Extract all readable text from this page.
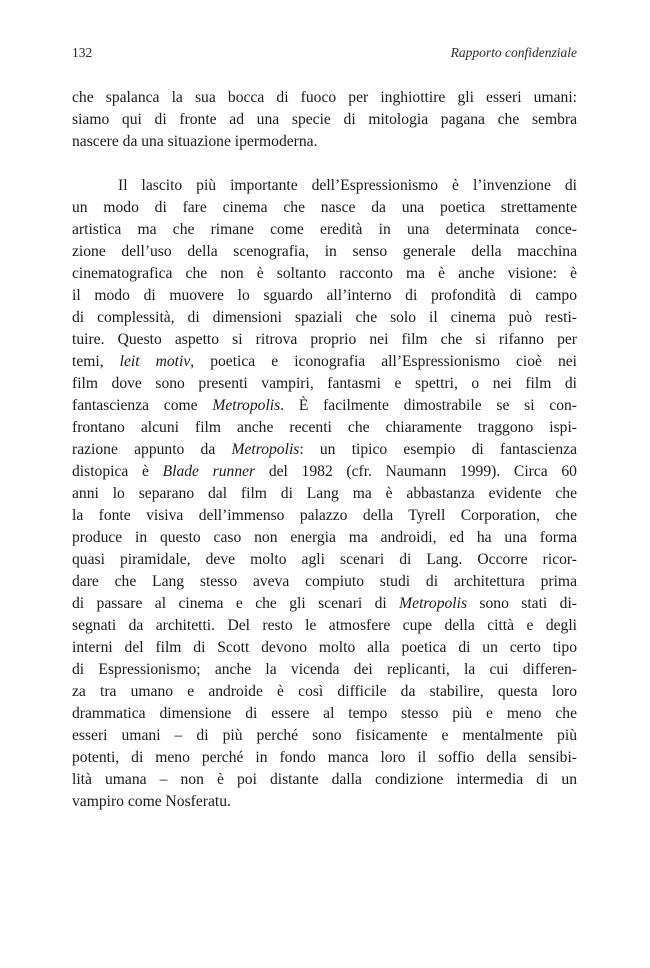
132	Rapporto confidenziale
che spalanca la sua bocca di fuoco per inghiottire gli esseri umani:
siamo qui di fronte ad una specie di mitologia pagana che sembra
nascere da una situazione ipermoderna.
Il lascito più importante dell’Espressionismo è l’invenzione di
un modo di fare cinema che nasce da una poetica strettamente
artistica ma che rimane come eredità in una determinata conce-
zione dell’uso della scenografia, in senso generale della macchina
cinematografica che non è soltanto racconto ma è anche visione: è
il modo di muovere lo sguardo all’interno di profondità di campo
di complessità, di dimensioni spaziali che solo il cinema può resti-
tuire. Questo aspetto si ritrova proprio nei film che si rifanno per
temi, leit motiv, poetica e iconografia all’Espressionismo cioè nei
film dove sono presenti vampiri, fantasmi e spettri, o nei film di
fantascienza come Metropolis. È facilmente dimostrabile se si con-
frontano alcuni film anche recenti che chiaramente traggono ispi-
razione appunto da Metropolis: un tipico esempio di fantascienza
distopica è Blade runner del 1982 (cfr. Naumann 1999). Circa 60
anni lo separano dal film di Lang ma è abbastanza evidente che
la fonte visiva dell’immenso palazzo della Tyrell Corporation, che
produce in questo caso non energia ma androidi, ed ha una forma
quasi piramidale, deve molto agli scenari di Lang. Occorre ricor-
dare che Lang stesso aveva compiuto studi di architettura prima
di passare al cinema e che gli scenari di Metropolis sono stati di-
segnati da architetti. Del resto le atmosfere cupe della città e degli
interni del film di Scott devono molto alla poetica di un certo tipo
di Espressionismo; anche la vicenda dei replicanti, la cui differen-
za tra umano e androide è così difficile da stabilire, questa loro
drammatica dimensione di essere al tempo stesso più e meno che
esseri umani – di più perché sono fisicamente e mentalmente più
potenti, di meno perché in fondo manca loro il soffio della sensibi-
lità umana – non è poi distante dalla condizione intermedia di un
vampiro come Nosferatu.
